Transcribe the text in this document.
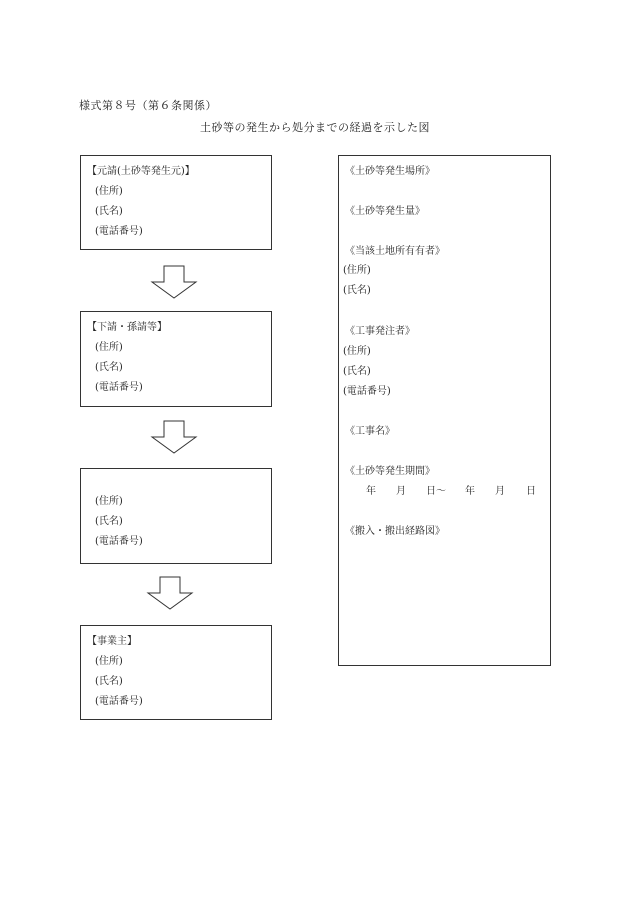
様式第８号（第６条関係）
土砂等の発生から処分までの経過を示した図
【元請(土砂等発生元)】
(住所)
(氏名)
(電話番号)
【下請・孫請等】
(住所)
(氏名)
(電話番号)
(住所)
(氏名)
(電話番号)
【事業主】
(住所)
(氏名)
(電話番号)
《土砂等発生場所》
《土砂等発生量》
《当該土地所有有者》
(住所)
(氏名)
《工事発注者》
(住所)
(氏名)
(電話番号)
《工事名》
《土砂等発生期間》
年 月 日〜 年 月 日
《搬入・搬出経路図》
